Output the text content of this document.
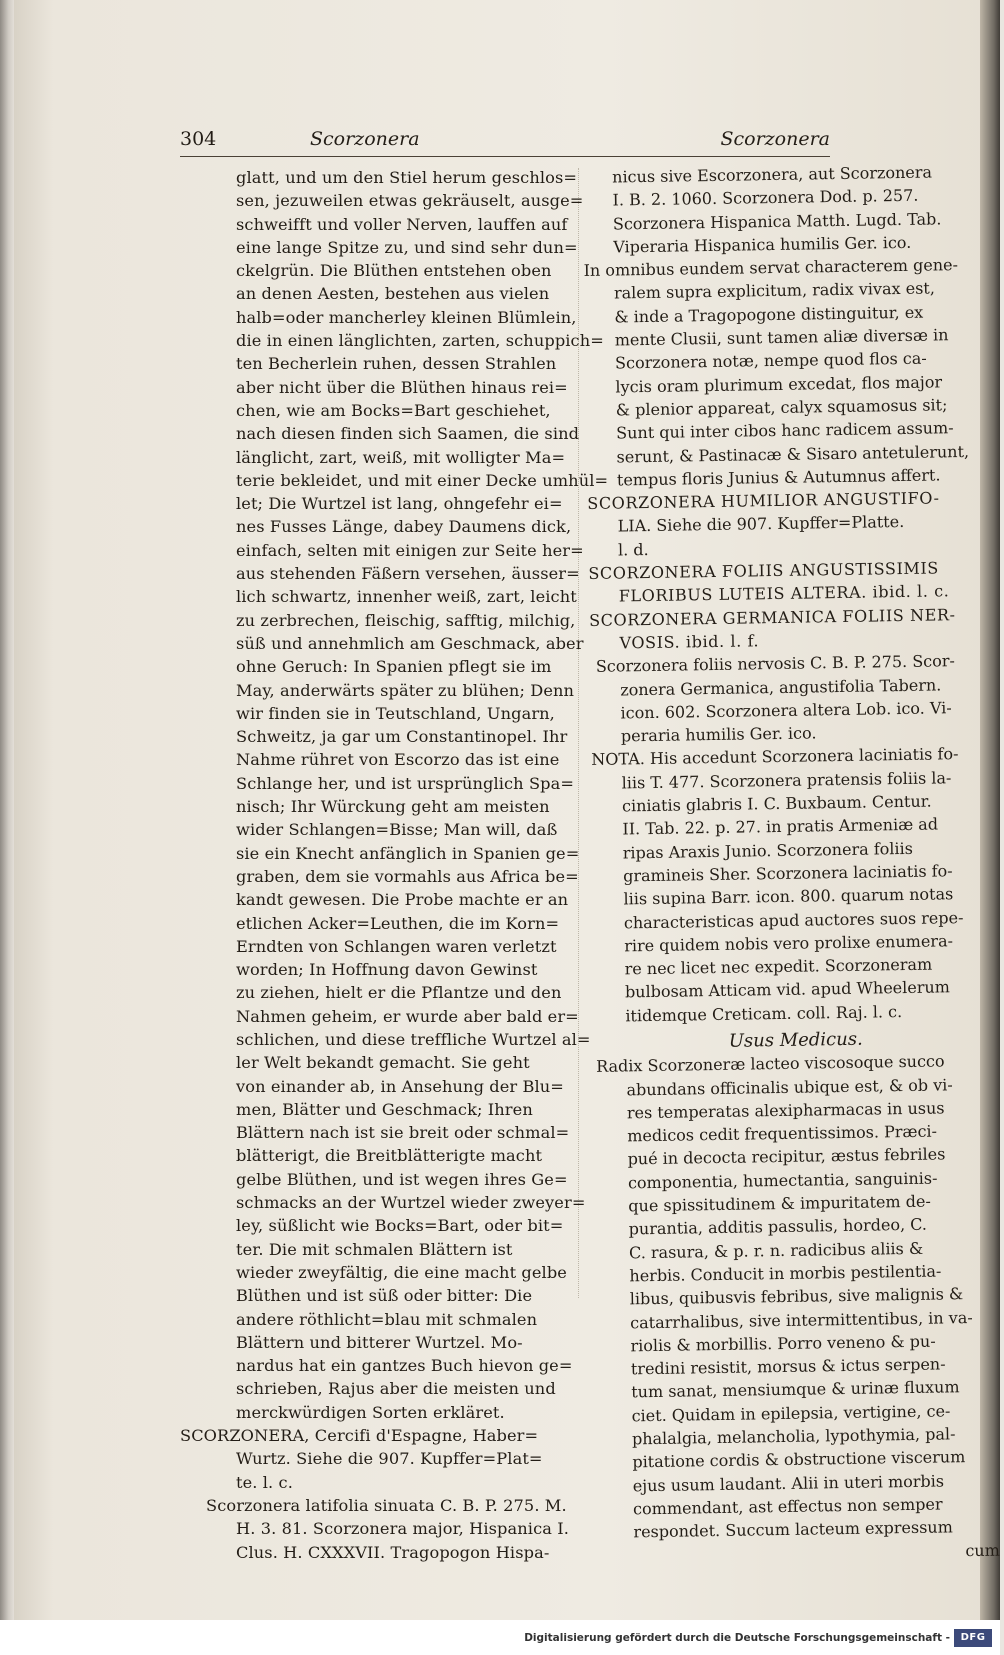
304	Scorzonera	Scorzonera
glatt, und um den Stiel herum geschlos=
sen, jezuweilen etwas gekräuselt, ausge=
schweifft und voller Nerven, lauffen auf
eine lange Spitze zu, und sind sehr dun=
ckelgrün. Die Blüthen entstehen oben
an denen Aesten, bestehen aus vielen
halb=oder mancherley kleinen Blümlein,
die in einen länglichten, zarten, schuppich=
ten Becherlein ruhen, dessen Strahlen
aber nicht über die Blüthen hinaus rei=
chen, wie am Bocks=Bart geschiehet,
nach diesen finden sich Saamen, die sind
länglicht, zart, weiß, mit wolligter Ma=
terie bekleidet, und mit einer Decke umhül=
let; Die Wurtzel ist lang, ohngefehr ei=
nes Fusses Länge, dabey Daumens dick,
einfach, selten mit einigen zur Seite her=
aus stehenden Fäßern versehen, äusser=
lich schwartz, innenher weiß, zart, leicht
zu zerbrechen, fleischig, safftig, milchig,
süß und annehmlich am Geschmack, aber
ohne Geruch: In Spanien pflegt sie im
May, anderwärts später zu blühen; Denn
wir finden sie in Teutschland, Ungarn,
Schweitz, ja gar um Constantinopel. Ihr
Nahme rühret von Escorzo das ist eine
Schlange her, und ist ursprünglich Spa=
nisch; Ihr Würckung geht am meisten
wider Schlangen=Bisse; Man will, daß
sie ein Knecht anfänglich in Spanien ge=
graben, dem sie vormahls aus Africa be=
kandt gewesen. Die Probe machte er an
etlichen Acker=Leuthen, die im Korn=
Erndten von Schlangen waren verletzt
worden; In Hoffnung davon Gewinst
zu ziehen, hielt er die Pflantze und den
Nahmen geheim, er wurde aber bald er=
schlichen, und diese treffliche Wurtzel al=
ler Welt bekandt gemacht. Sie geht
von einander ab, in Ansehung der Blu=
men, Blätter und Geschmack; Ihren
Blättern nach ist sie breit oder schmal=
blätterigt, die Breitblätterigte macht
gelbe Blüthen, und ist wegen ihres Ge=
schmacks an der Wurtzel wieder zweyer=
ley, süßlicht wie Bocks=Bart, oder bit=
ter. Die mit schmalen Blättern ist
wieder zweyfältig, die eine macht gelbe
Blüthen und ist süß oder bitter: Die
andere röthlicht=blau mit schmalen
Blättern und bitterer Wurtzel. Mo-
nardus hat ein gantzes Buch hievon ge=
schrieben, Rajus aber die meisten und
merckwürdigen Sorten erkläret.
SCORZONERA, Cercifi d'Espagne, Haber=
Wurtz. Siehe die 907. Kupffer=Plat=
te. l. c.
Scorzonera latifolia sinuata C. B. P. 275. M.
H. 3. 81. Scorzonera major, Hispanica I.
Clus. H. CXXXVII. Tragopogon Hispa-
nicus sive Escorzonera, aut Scorzonera
I. B. 2. 1060. Scorzonera Dod. p. 257.
Scorzonera Hispanica Matth. Lugd. Tab.
Viperaria Hispanica humilis Ger. ico.
In omnibus eundem servat characterem gene-
ralem supra explicitum, radix vivax est,
& inde a Tragopogone distinguitur, ex
mente Clusii, sunt tamen aliæ diversæ in
Scorzonera notæ, nempe quod flos ca-
lycis oram plurimum excedat, flos major
& plenior appareat, calyx squamosus sit;
Sunt qui inter cibos hanc radicem assum-
serunt, & Pastinacæ & Sisaro antetulerunt,
tempus floris Junius & Autumnus affert.
SCORZONERA HUMILIOR ANGUSTIFO-
LIA. Siehe die 907. Kupffer=Platte.
l. d.
SCORZONERA FOLIIS ANGUSTISSIMIS
FLORIBUS LUTEIS ALTERA. ibid. l. c.
SCORZONERA GERMANICA FOLIIS NER-
VOSIS. ibid. l. f.
Scorzonera foliis nervosis C. B. P. 275. Scor-
zonera Germanica, angustifolia Tabern.
icon. 602. Scorzonera altera Lob. ico. Vi-
peraria humilis Ger. ico.
NOTA. His accedunt Scorzonera laciniatis fo-
liis T. 477. Scorzonera pratensis foliis la-
ciniatis glabris I. C. Buxbaum. Centur.
II. Tab. 22. p. 27. in pratis Armeniæ ad
ripas Araxis Junio. Scorzonera foliis
gramineis Sher. Scorzonera laciniatis fo-
liis supina Barr. icon. 800. quarum notas
characteristicas apud auctores suos repe-
rire quidem nobis vero prolixe enumera-
re nec licet nec expedit. Scorzoneram
bulbosam Atticam vid. apud Wheelerum
itidemque Creticam. coll. Raj. l. c.
Usus Medicus.
Radix Scorzoneræ lacteo viscosoque succo
abundans officinalis ubique est, & ob vi-
res temperatas alexipharmacas in usus
medicos cedit frequentissimos. Præci-
pué in decocta recipitur, æstus febriles
componentia, humectantia, sanguinis-
que spissitudinem & impuritatem de-
purantia, additis passulis, hordeo, C.
C. rasura, & p. r. n. radicibus aliis &
herbis. Conducit in morbis pestilentia-
libus, quibusvis febribus, sive malignis &
catarrhalibus, sive intermittentibus, in va-
riolis & morbillis. Porro veneno & pu-
tredini resistit, morsus & ictus serpen-
tum sanat, mensiumque & urinæ fluxum
ciet. Quidam in epilepsia, vertigine, ce-
phalalgia, melancholia, lypothymia, pal-
pitatione cordis & obstructione viscerum
ejus usum laudant. Alii in uteri morbis
commendant, ast effectus non semper
respondet. Succum lacteum expressum
cum
Digitalisierung gefördert durch die Deutsche Forschungsgemeinschaft -	DFG
